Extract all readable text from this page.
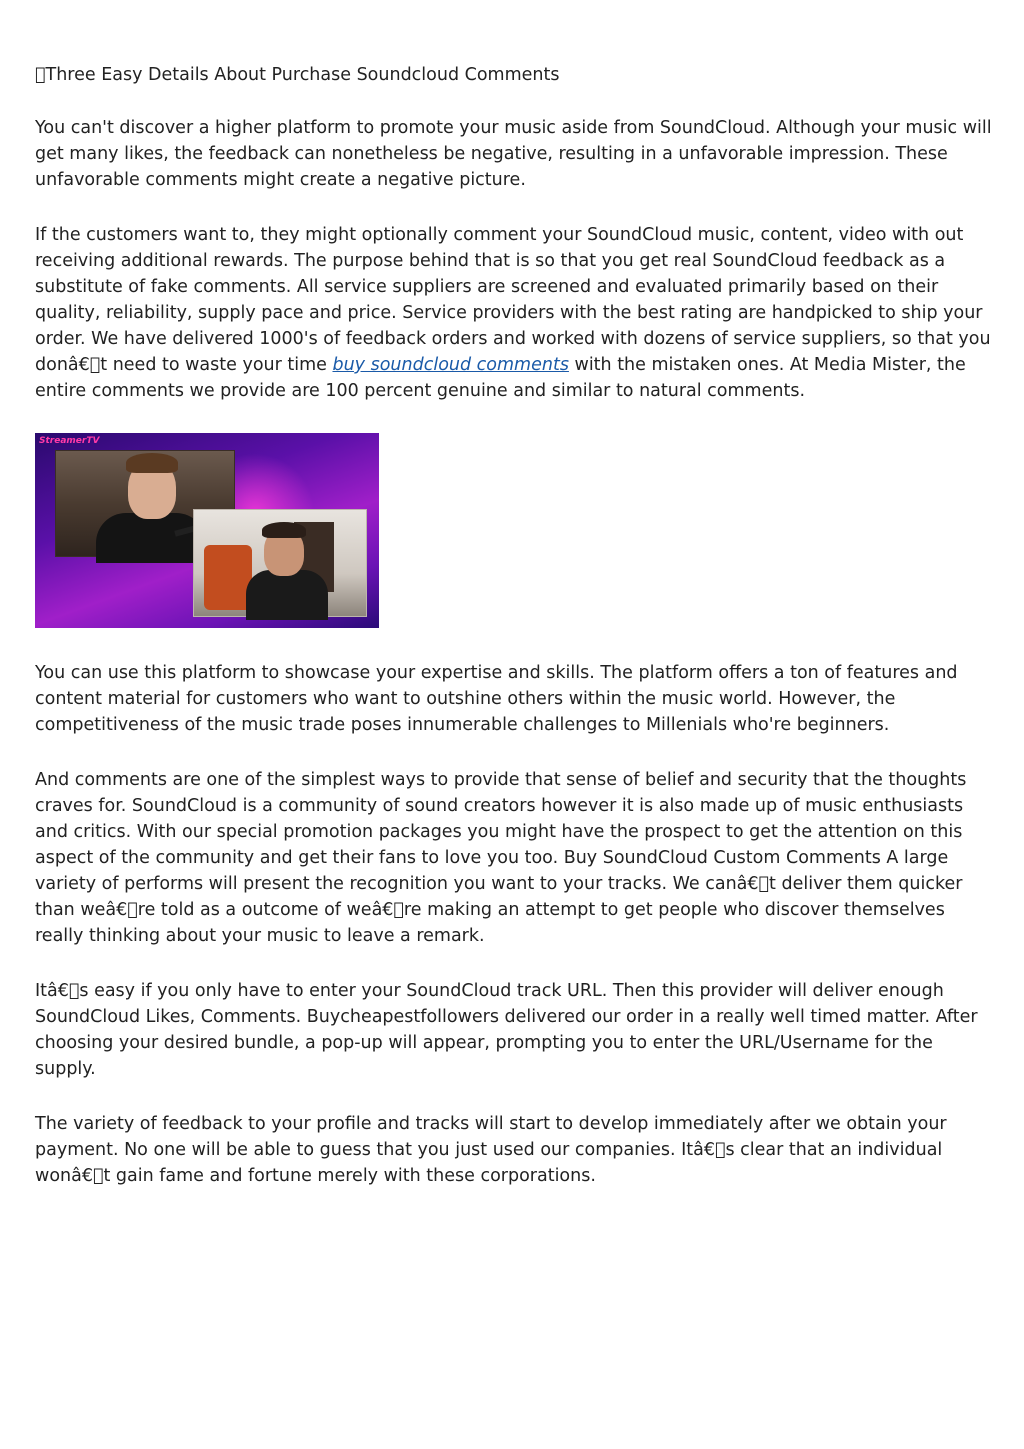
 Three Easy Details About Purchase Soundcloud Comments

You can't discover a higher platform to promote your music aside from SoundCloud. Although your music will get many likes, the feedback can nonetheless be negative, resulting in a unfavorable impression. These unfavorable comments might create a negative picture.

If the customers want to, they might optionally comment your SoundCloud music, content, video with out receiving additional rewards. The purpose behind that is so that you get real SoundCloud feedback as a substitute of fake comments. All service suppliers are screened and evaluated primarily based on their quality, reliability, supply pace and price. Service providers with the best rating are handpicked to ship your order. We have delivered 1000's of feedback orders and worked with dozens of service suppliers, so that you donâ€ t need to waste your time buy soundcloud comments with the mistaken ones. At Media Mister, the entire comments we provide are 100 percent genuine and similar to natural comments.

StreamerTV

You can use this platform to showcase your expertise and skills. The platform offers a ton of features and content material for customers who want to outshine others within the music world. However, the competitiveness of the music trade poses innumerable challenges to Millenials who're beginners.

And comments are one of the simplest ways to provide that sense of belief and security that the thoughts craves for. SoundCloud is a community of sound creators however it is also made up of music enthusiasts and critics. With our special promotion packages you might have the prospect to get the attention on this aspect of the community and get their fans to love you too. Buy SoundCloud Custom Comments A large variety of performs will present the recognition you want to your tracks. We canâ€ t deliver them quicker than weâ€ re told as a outcome of weâ€ re making an attempt to get people who discover themselves really thinking about your music to leave a remark.

Itâ€ s easy if you only have to enter your SoundCloud track URL. Then this provider will deliver enough SoundCloud Likes, Comments. Buycheapestfollowers delivered our order in a really well timed matter. After choosing your desired bundle, a pop-up will appear, prompting you to enter the URL/Username for the supply.

The variety of feedback to your profile and tracks will start to develop immediately after we obtain your payment. No one will be able to guess that you just used our companies. Itâ€ s clear that an individual wonâ€ t gain fame and fortune merely with these corporations.
